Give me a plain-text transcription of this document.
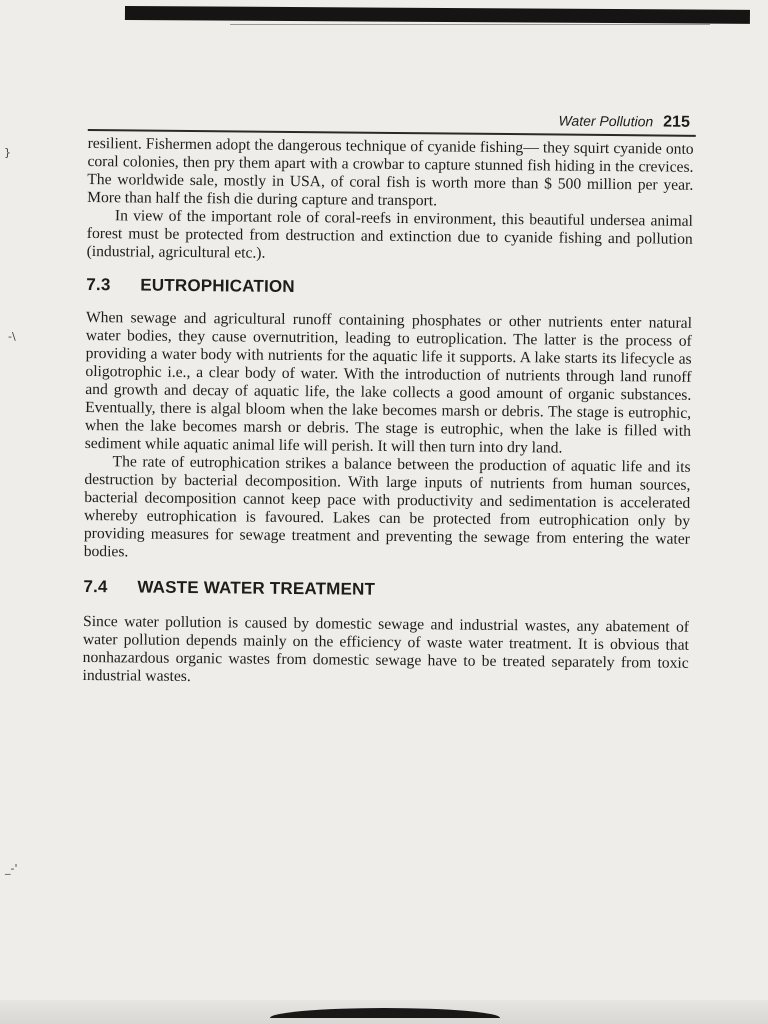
}
-\
_-'
Water Pollution 215

resilient. Fishermen adopt the dangerous technique of cyanide fishing— they squirt cyanide onto coral colonies, then pry them apart with a crowbar to capture stunned fish hiding in the crevices. The worldwide sale, mostly in USA, of coral fish is worth more than $ 500 million per year. More than half the fish die during capture and transport.

In view of the important role of coral-reefs in environment, this beautiful undersea animal forest must be protected from destruction and extinction due to cyanide fishing and pollution (industrial, agricultural etc.).

7.3 EUTROPHICATION

When sewage and agricultural runoff containing phosphates or other nutrients enter natural water bodies, they cause overnutrition, leading to eutroplication. The latter is the process of providing a water body with nutrients for the aquatic life it supports. A lake starts its lifecycle as oligotrophic i.e., a clear body of water. With the introduction of nutrients through land runoff and growth and decay of aquatic life, the lake collects a good amount of organic substances. Eventually, there is algal bloom when the lake becomes marsh or debris. The stage is eutrophic, when the lake becomes marsh or debris. The stage is eutrophic, when the lake is filled with sediment while aquatic animal life will perish. It will then turn into dry land.

The rate of eutrophication strikes a balance between the production of aquatic life and its destruction by bacterial decomposition. With large inputs of nutrients from human sources, bacterial decomposition cannot keep pace with productivity and sedimentation is accelerated whereby eutrophication is favoured. Lakes can be protected from eutrophication only by providing measures for sewage treatment and preventing the sewage from entering the water bodies.

7.4 WASTE WATER TREATMENT

Since water pollution is caused by domestic sewage and industrial wastes, any abatement of water pollution depends mainly on the efficiency of waste water treatment. It is obvious that nonhazardous organic wastes from domestic sewage have to be treated separately from toxic industrial wastes.
